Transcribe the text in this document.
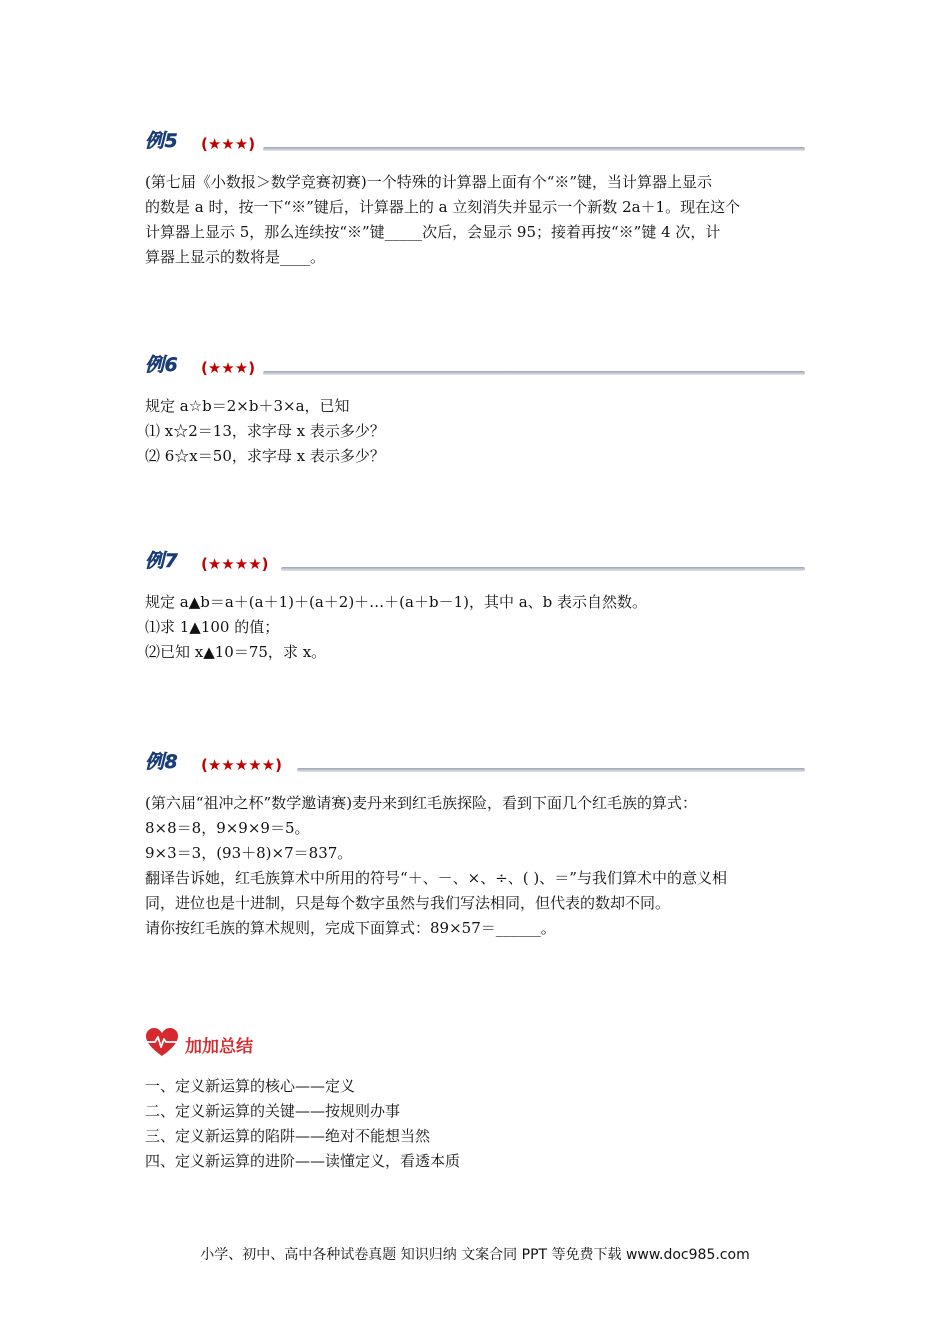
例5 (★★★)

(第七届《小数报＞数学竞赛初赛)一个特殊的计算器上面有个“※”键，当计算器上显示

的数是 a 时，按一下“※”键后，计算器上的 a 立刻消失并显示一个新数 2a＋1。现在这个

计算器上显示 5，那么连续按“※”键_____次后，会显示 95；接着再按“※”键 4 次，计

算器上显示的数将是____。

例6 (★★★)

规定 a☆b＝2×b＋3×a，已知

⑴ x☆2＝13，求字母 x 表示多少？

⑵ 6☆x＝50，求字母 x 表示多少？

例7 (★★★★)

规定 a▲b＝a＋(a＋1)＋(a＋2)＋…＋(a＋b－1)，其中 a、b 表示自然数。

⑴求 1▲100 的值；

⑵已知 x▲10＝75，求 x。

例8 (★★★★★)

(第六届“祖冲之杯”数学邀请赛)麦丹来到红毛族探险，看到下面几个红毛族的算式：

8×8＝8，9×9×9＝5。

9×3＝3，(93＋8)×7＝837。

翻译告诉她，红毛族算术中所用的符号“＋、－、×、÷、( )、＝”与我们算术中的意义相

同，进位也是十进制，只是每个数字虽然与我们写法相同，但代表的数却不同。

请你按红毛族的算术规则，完成下面算式：89×57＝______。

加加总结

一、定义新运算的核心——定义

二、定义新运算的关键——按规则办事

三、定义新运算的陷阱——绝对不能想当然

四、定义新运算的进阶——读懂定义，看透本质

小学、初中、高中各种试卷真题 知识归纳 文案合同 PPT 等免费下载 www.doc985.com
